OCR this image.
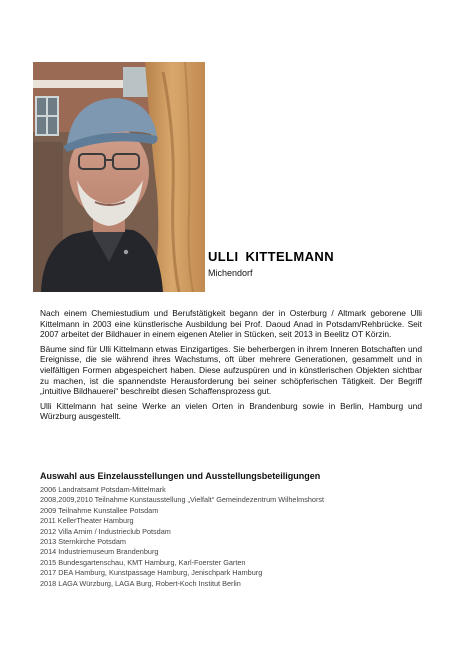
ULLI KITTELMANN
Michendorf

Nach einem Chemiestudium und Berufstätigkeit begann der in Osterburg / Altmark geborene Ulli Kittelmann in 2003 eine künstlerische Ausbildung bei Prof. Daoud Anad in Potsdam/Rehbrücke. Seit 2007 arbeitet der Bildhauer in einem eigenen Atelier in Stücken, seit 2013 in Beelitz OT Körzin.

Bäume sind für Ulli Kittelmann etwas Einzigartiges. Sie beherbergen in ihrem Inneren Botschaften und Ereignisse, die sie während ihres Wachstums, oft über mehrere Generationen, gesammelt und in vielfältigen Formen abgespeichert haben. Diese aufzuspüren und in künstlerischen Objekten sichtbar zu machen, ist die spannendste Herausforderung bei seiner schöpferischen Tätigkeit. Der Begriff „intuitive Bildhauerei“ beschreibt diesen Schaffensprozess gut.

Ulli Kittelmann hat seine Werke an vielen Orten in Brandenburg sowie in Berlin, Hamburg und Würzburg ausgestellt.

Auswahl aus Einzelausstellungen und Ausstellungsbeteiligungen
2006 Landratsamt Potsdam-Mittelmark
2008,2009,2010 Teilnahme Kunstausstellung „Vielfalt“ Gemeindezentrum Wilhelmshorst
2009 Teilnahme Kunstallee Potsdam
2011 KellerTheater Hamburg
2012 Villa Arnim / Industrieclub Potsdam
2013 Sternkirche Potsdam
2014 Industriemuseum Brandenburg
2015 Bundesgartenschau, KMT Hamburg, Karl-Foerster Garten
2017 DEA Hamburg, Kunstpassage Hamburg, Jenischpark Hamburg
2018 LAGA Würzburg, LAGA Burg, Robert-Koch Institut Berlin
